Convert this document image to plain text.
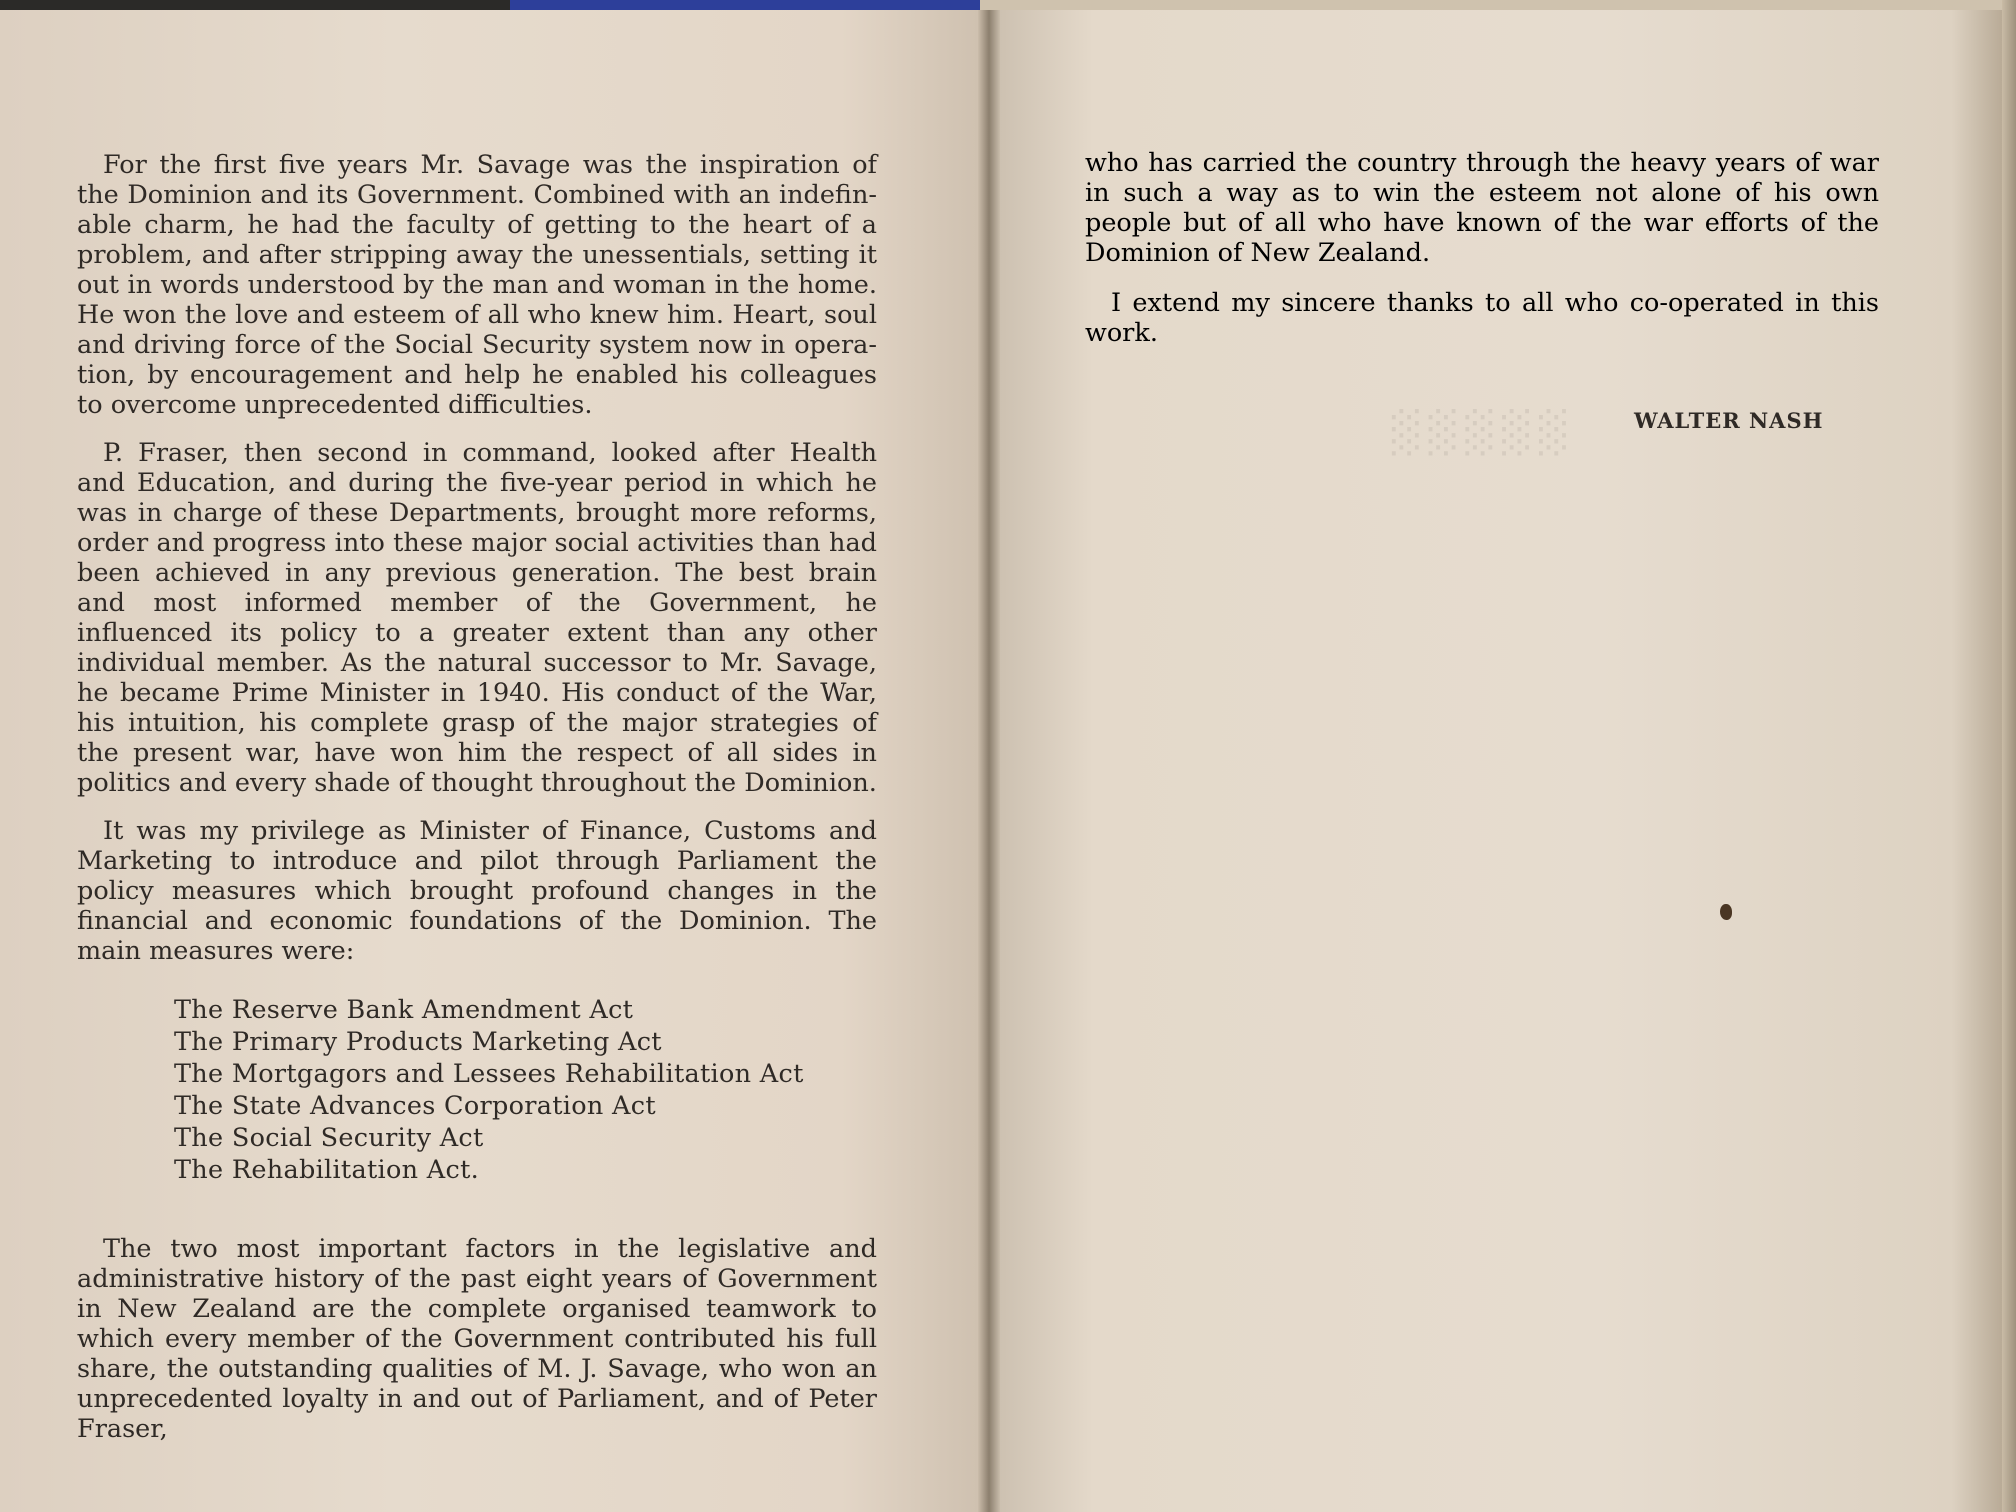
For the first five years Mr. Savage was the inspiration of the Dominion and its Government. Combined with an indefinable charm, he had the faculty of getting to the heart of a problem, and after stripping away the unessentials, setting it out in words understood by the man and woman in the home. He won the love and esteem of all who knew him. Heart, soul and driving force of the Social Security system now in operation, by encouragement and help he enabled his colleagues to overcome unprecedented difficulties.

P. Fraser, then second in command, looked after Health and Education, and during the five-year period in which he was in charge of these Departments, brought more reforms, order and progress into these major social activities than had been achieved in any previous generation. The best brain and most informed member of the Government, he influenced its policy to a greater extent than any other individual member. As the natural successor to Mr. Savage, he became Prime Minister in 1940. His conduct of the War, his intuition, his complete grasp of the major strategies of the present war, have won him the respect of all sides in politics and every shade of thought throughout the Dominion.

It was my privilege as Minister of Finance, Customs and Marketing to introduce and pilot through Parliament the policy measures which brought profound changes in the financial and economic foundations of the Dominion. The main measures were:

The Reserve Bank Amendment Act
The Primary Products Marketing Act
The Mortgagors and Lessees Rehabilitation Act
The State Advances Corporation Act
The Social Security Act
The Rehabilitation Act.

The two most important factors in the legislative and administrative history of the past eight years of Government in New Zealand are the complete organised teamwork to which every member of the Government contributed his full share, the outstanding qualities of M. J. Savage, who won an unprecedented loyalty in and out of Parliament, and of Peter Fraser,

░░░░░

who has carried the country through the heavy years of war in such a way as to win the esteem not alone of his own people but of all who have known of the war efforts of the Dominion of New Zealand.

I extend my sincere thanks to all who co-operated in this work.

WALTER NASH
